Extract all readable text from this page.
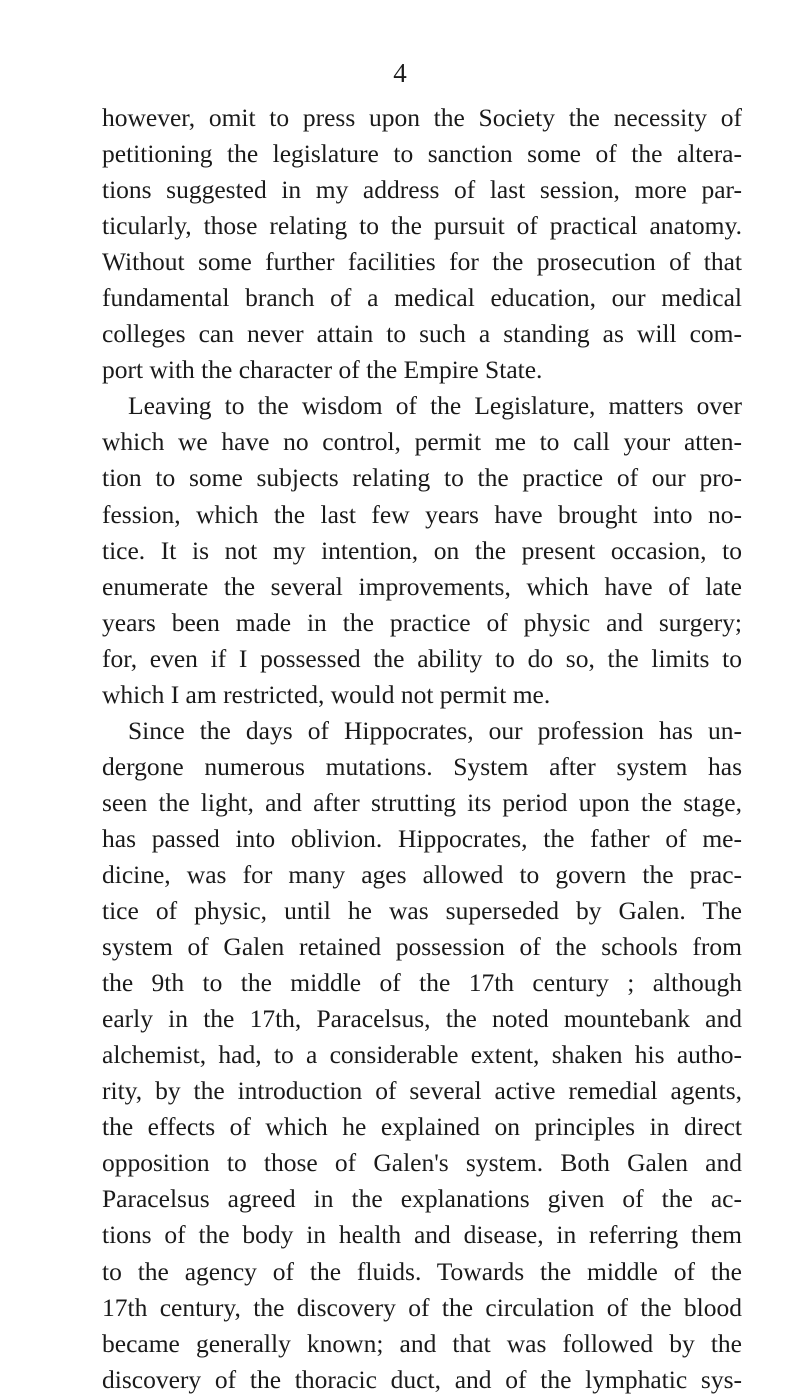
4
however, omit to press upon the Society the necessity of
petitioning the legislature to sanction some of the altera-
tions suggested in my address of last session, more par-
ticularly, those relating to the pursuit of practical anatomy.
Without some further facilities for the prosecution of that
fundamental branch of a medical education, our medical
colleges can never attain to such a standing as will com-
port with the character of the Empire State.
Leaving to the wisdom of the Legislature, matters over
which we have no control, permit me to call your atten-
tion to some subjects relating to the practice of our pro-
fession, which the last few years have brought into no-
tice. It is not my intention, on the present occasion, to
enumerate the several improvements, which have of late
years been made in the practice of physic and surgery;
for, even if I possessed the ability to do so, the limits to
which I am restricted, would not permit me.
Since the days of Hippocrates, our profession has un-
dergone numerous mutations. System after system has
seen the light, and after strutting its period upon the stage,
has passed into oblivion. Hippocrates, the father of me-
dicine, was for many ages allowed to govern the prac-
tice of physic, until he was superseded by Galen. The
system of Galen retained possession of the schools from
the 9th to the middle of the 17th century ; although
early in the 17th, Paracelsus, the noted mountebank and
alchemist, had, to a considerable extent, shaken his autho-
rity, by the introduction of several active remedial agents,
the effects of which he explained on principles in direct
opposition to those of Galen's system. Both Galen and
Paracelsus agreed in the explanations given of the ac-
tions of the body in health and disease, in referring them
to the agency of the fluids. Towards the middle of the
17th century, the discovery of the circulation of the blood
became generally known; and that was followed by the
discovery of the thoracic duct, and of the lymphatic sys-
